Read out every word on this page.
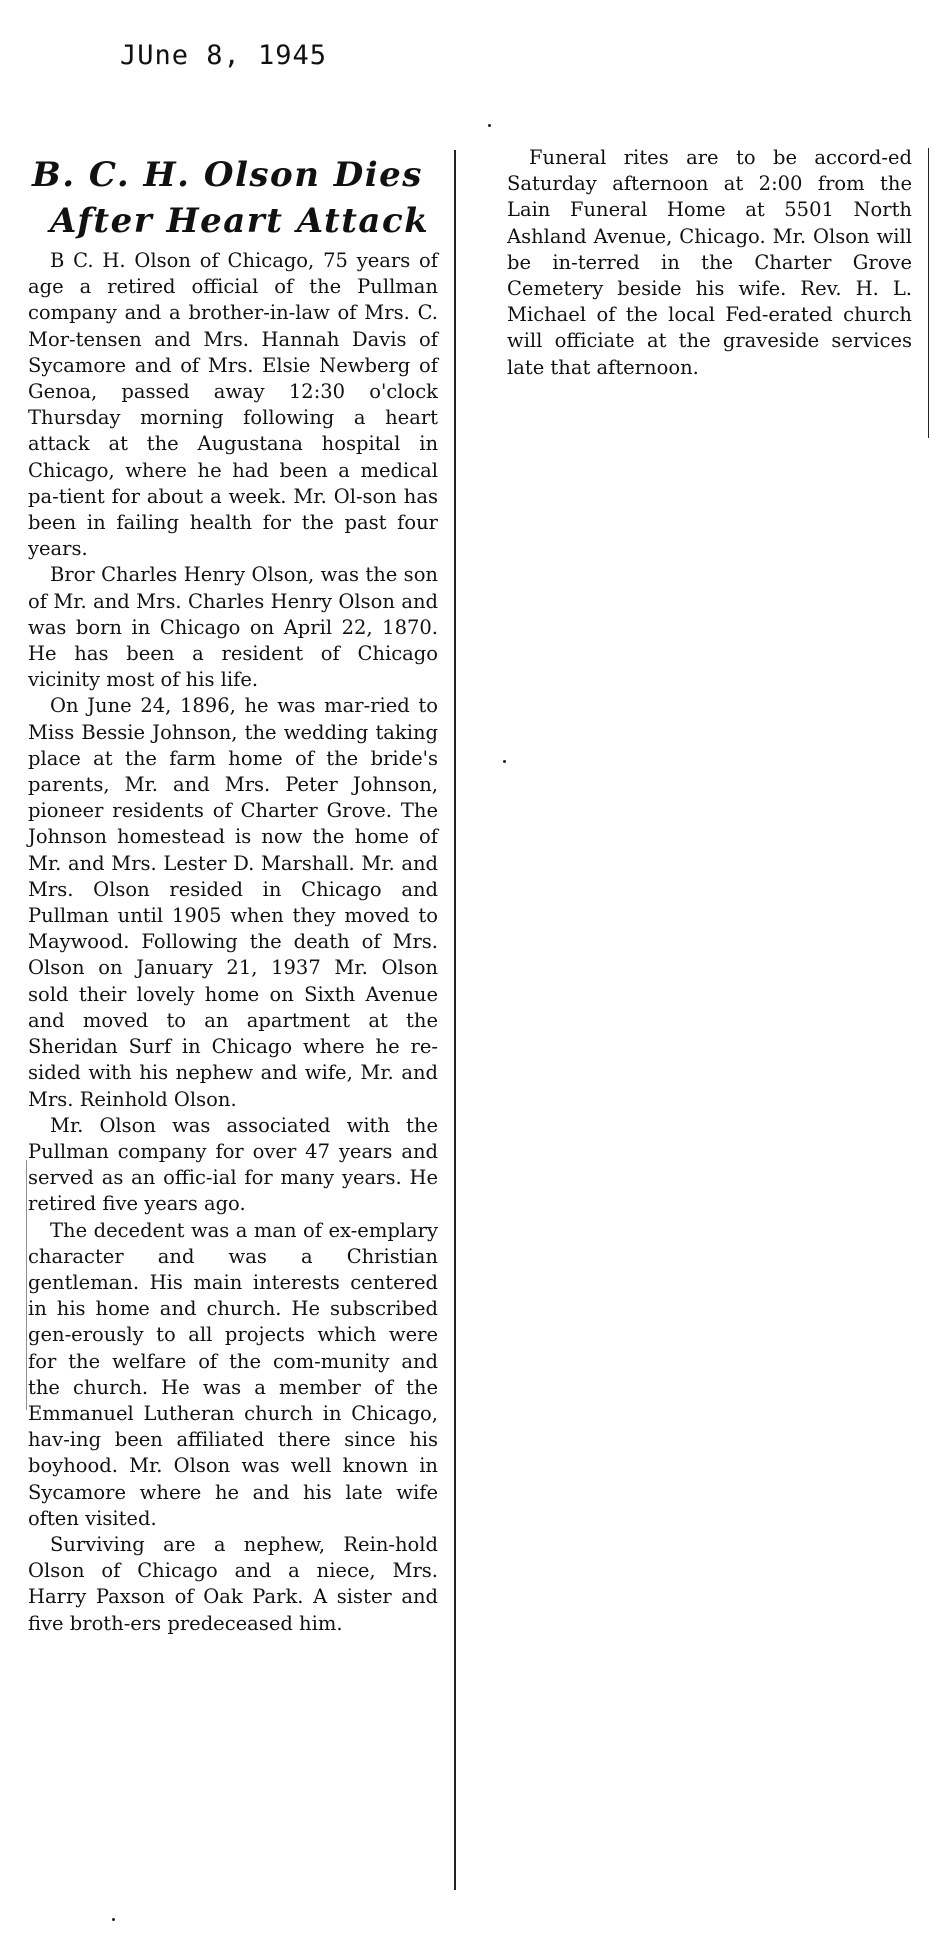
JUne 8, 1945
B. C. H. Olson Dies
After Heart Attack

B C. H. Olson of Chicago, 75 years of age a retired official of the Pullman company and a brother-in-law of Mrs. C. Mor-tensen and Mrs. Hannah Davis of Sycamore and of Mrs. Elsie Newberg of Genoa, passed away 12:30 o'clock Thursday morning following a heart attack at the Augustana hospital in Chicago, where he had been a medical pa-tient for about a week. Mr. Ol-son has been in failing health for the past four years.

Bror Charles Henry Olson, was the son of Mr. and Mrs. Charles Henry Olson and was born in Chicago on April 22, 1870. He has been a resident of Chicago vicinity most of his life.

On June 24, 1896, he was mar-ried to Miss Bessie Johnson, the wedding taking place at the farm home of the bride's parents, Mr. and Mrs. Peter Johnson, pioneer residents of Charter Grove. The Johnson homestead is now the home of Mr. and Mrs. Lester D. Marshall. Mr. and Mrs. Olson resided in Chicago and Pullman until 1905 when they moved to Maywood. Following the death of Mrs. Olson on January 21, 1937 Mr. Olson sold their lovely home on Sixth Avenue and moved to an apartment at the Sheridan Surf in Chicago where he re-sided with his nephew and wife, Mr. and Mrs. Reinhold Olson.

Mr. Olson was associated with the Pullman company for over 47 years and served as an offic-ial for many years. He retired five years ago.

The decedent was a man of ex-emplary character and was a Christian gentleman. His main interests centered in his home and church. He subscribed gen-erously to all projects which were for the welfare of the com-munity and the church. He was a member of the Emmanuel Lutheran church in Chicago, hav-ing been affiliated there since his boyhood. Mr. Olson was well known in Sycamore where he and his late wife often visited.

Surviving are a nephew, Rein-hold Olson of Chicago and a niece, Mrs. Harry Paxson of Oak Park. A sister and five broth-ers predeceased him.

Funeral rites are to be accord-ed Saturday afternoon at 2:00 from the Lain Funeral Home at 5501 North Ashland Avenue, Chicago. Mr. Olson will be in-terred in the Charter Grove Cemetery beside his wife. Rev. H. L. Michael of the local Fed-erated church will officiate at the graveside services late that afternoon.
